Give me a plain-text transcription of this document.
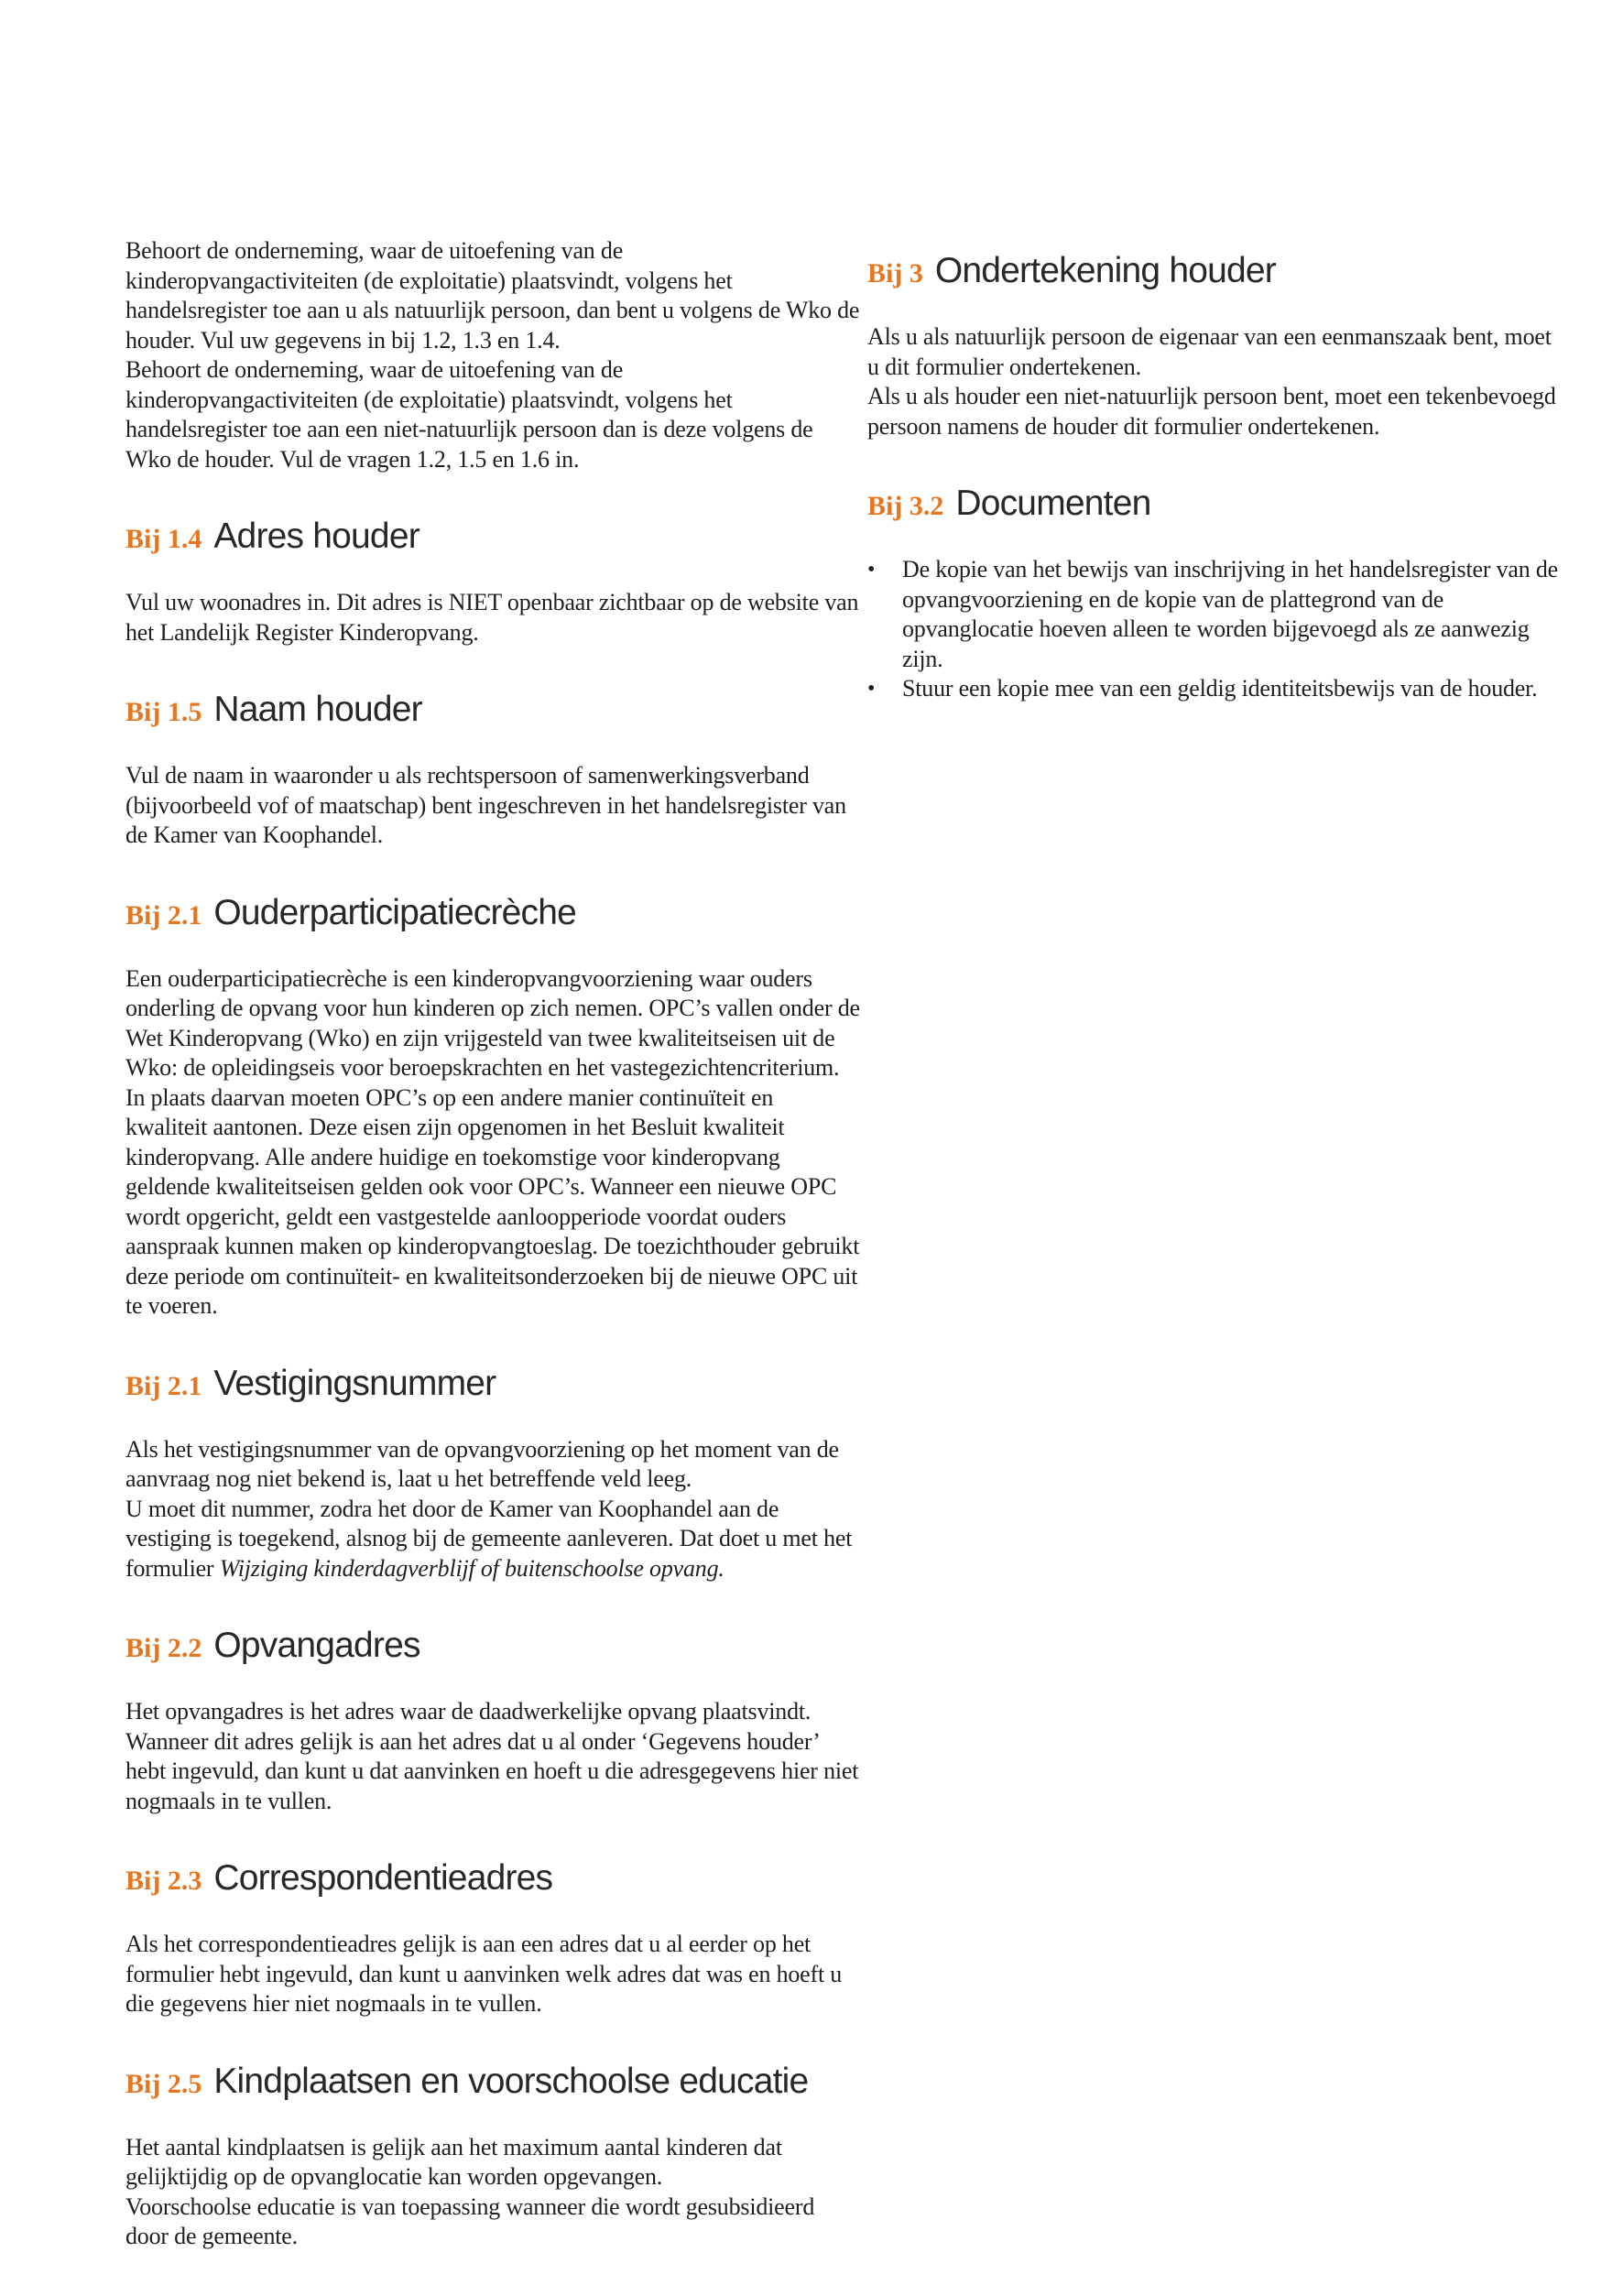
Behoort de onderneming, waar de uitoefening van de kinderopvangactiviteiten (de exploitatie) plaatsvindt, volgens het handelsregister toe aan u als natuurlijk persoon, dan bent u volgens de Wko de houder. Vul uw gegevens in bij 1.2, 1.3 en 1.4.

Behoort de onderneming, waar de uitoefening van de kinderopvangactiviteiten (de exploitatie) plaatsvindt, volgens het handelsregister toe aan een niet-natuurlijk persoon dan is deze volgens de Wko de houder. Vul de vragen 1.2, 1.5 en 1.6 in.

Bij 1.4 Adres houder

Vul uw woonadres in. Dit adres is NIET openbaar zichtbaar op de website van het Landelijk Register Kinderopvang.

Bij 1.5 Naam houder

Vul de naam in waaronder u als rechtspersoon of samenwerkingsverband (bijvoorbeeld vof of maatschap) bent ingeschreven in het handelsregister van de Kamer van Koophandel.

Bij 2.1 Ouderparticipatiecrèche

Een ouderparticipatiecrèche is een kinderopvangvoorziening waar ouders onderling de opvang voor hun kinderen op zich nemen. OPC’s vallen onder de Wet Kinderopvang (Wko) en zijn vrijgesteld van twee kwaliteitseisen uit de Wko: de opleidingseis voor beroepskrachten en het vastegezichtencriterium. In plaats daarvan moeten OPC’s op een andere manier continuïteit en kwaliteit aantonen. Deze eisen zijn opgenomen in het Besluit kwaliteit kinderopvang. Alle andere huidige en toekomstige voor kinderopvang geldende kwaliteitseisen gelden ook voor OPC’s. Wanneer een nieuwe OPC wordt opgericht, geldt een vastgestelde aanloopperiode voordat ouders aanspraak kunnen maken op kinderopvangtoeslag. De toezichthouder gebruikt deze periode om continuïteit- en kwaliteitsonderzoeken bij de nieuwe OPC uit te voeren.

Bij 2.1 Vestigingsnummer

Als het vestigingsnummer van de opvangvoorziening op het moment van de aanvraag nog niet bekend is, laat u het betreffende veld leeg.

U moet dit nummer, zodra het door de Kamer van Koophandel aan de vestiging is toegekend, alsnog bij de gemeente aanleveren. Dat doet u met het formulier Wijziging kinderdagverblijf of buitenschoolse opvang.

Bij 2.2 Opvangadres

Het opvangadres is het adres waar de daadwerkelijke opvang plaatsvindt. Wanneer dit adres gelijk is aan het adres dat u al onder ‘Gegevens houder’ hebt ingevuld, dan kunt u dat aanvinken en hoeft u die adresgegevens hier niet nogmaals in te vullen.

Bij 2.3 Correspondentieadres

Als het correspondentieadres gelijk is aan een adres dat u al eerder op het formulier hebt ingevuld, dan kunt u aanvinken welk adres dat was en hoeft u die gegevens hier niet nogmaals in te vullen.

Bij 2.5 Kindplaatsen en voorschoolse educatie

Het aantal kindplaatsen is gelijk aan het maximum aantal kinderen dat gelijktijdig op de opvanglocatie kan worden opgevangen.

Voorschoolse educatie is van toepassing wanneer die wordt gesubsidieerd door de gemeente.

Bij 3 Ondertekening houder

Als u als natuurlijk persoon de eigenaar van een eenmanszaak bent, moet u dit formulier ondertekenen.

Als u als houder een niet-natuurlijk persoon bent, moet een tekenbevoegd persoon namens de houder dit formulier ondertekenen.

Bij 3.2 Documenten
•	De kopie van het bewijs van inschrijving in het handelsregister van de opvangvoorziening en de kopie van de plattegrond van de opvanglocatie hoeven alleen te worden bijgevoegd als ze aanwezig zijn.

•	Stuur een kopie mee van een geldig identiteitsbewijs van de houder.
